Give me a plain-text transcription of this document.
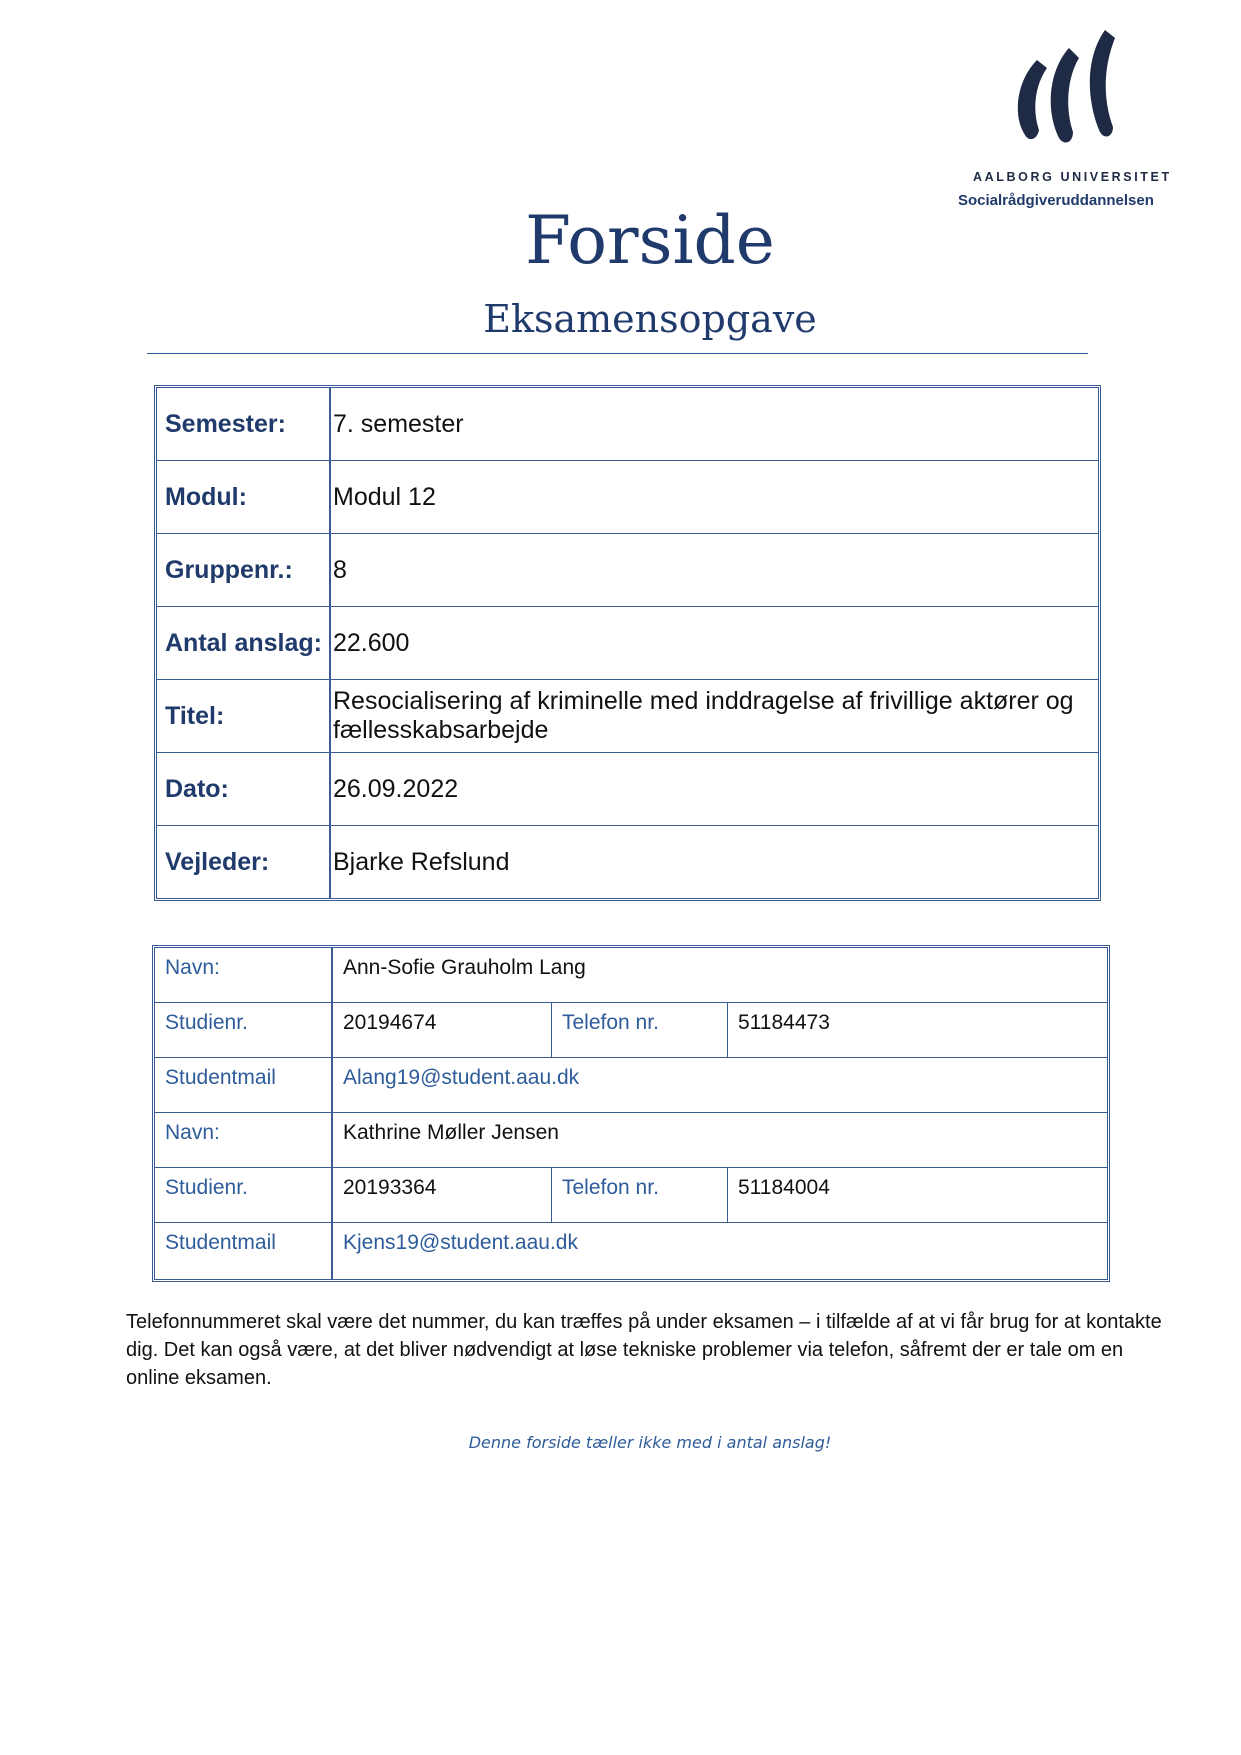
AALBORG UNIVERSITET
Socialrådgiveruddannelsen
Forside
Eksamensopgave
Semester:	7. semester
Modul:	Modul 12
Gruppenr.:	8
Antal anslag: 22.600
Titel:
Resocialisering af kriminelle med inddragelse af frivillige aktører og fællesskabsarbejde
Dato:	26.09.2022
Vejleder:	Bjarke Refslund
Navn:	Ann-Sofie Grauholm Lang
Studienr.	20194674	Telefon nr.	51184473
Studentmail	Alang19@student.aau.dk
Navn:	Kathrine Møller Jensen
Studienr.	20193364	Telefon nr.	51184004
Studentmail	Kjens19@student.aau.dk
Telefonnummeret skal være det nummer, du kan træffes på under eksamen – i tilfælde af at vi får brug for at kontakte dig. Det kan også være, at det bliver nødvendigt at løse tekniske problemer via telefon, såfremt der er tale om en online eksamen.
Denne forside tæller ikke med i antal anslag!
